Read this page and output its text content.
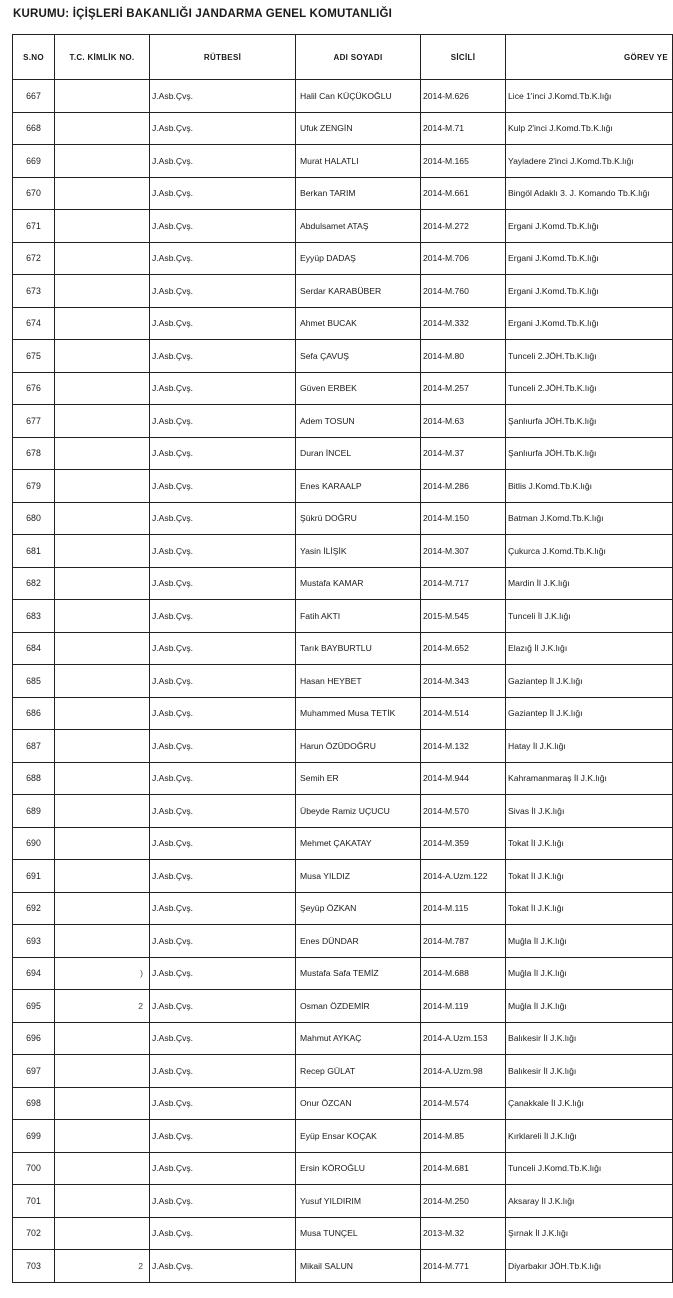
KURUMU: İÇİŞLERİ BAKANLIĞI JANDARMA GENEL KOMUTANLIĞI
S.NO	T.C. KİMLİK NO.	RÜTBESİ	ADI SOYADI	SİCİLİ	GÖREV YE
667		J.Asb.Çvş.	Halil Can KÜÇÜKOĞLU	2014-M.626	Lice 1'inci J.Komd.Tb.K.lığı
668		J.Asb.Çvş.	Ufuk ZENGİN	2014-M.71	Kulp 2'inci J.Komd.Tb.K.lığı
669		J.Asb.Çvş.	Murat HALATLI	2014-M.165	Yayladere 2'inci J.Komd.Tb.K.lığı
670		J.Asb.Çvş.	Berkan TARIM	2014-M.661	Bingöl Adaklı 3. J. Komando Tb.K.lığı
671		J.Asb.Çvş.	Abdulsamet ATAŞ	2014-M.272	Ergani J.Komd.Tb.K.lığı
672		J.Asb.Çvş.	Eyyüp DADAŞ	2014-M.706	Ergani J.Komd.Tb.K.lığı
673		J.Asb.Çvş.	Serdar KARABÜBER	2014-M.760	Ergani J.Komd.Tb.K.lığı
674		J.Asb.Çvş.	Ahmet BUCAK	2014-M.332	Ergani J.Komd.Tb.K.lığı
675		J.Asb.Çvş.	Sefa ÇAVUŞ	2014-M.80	Tunceli 2.JÖH.Tb.K.lığı
676		J.Asb.Çvş.	Güven ERBEK	2014-M.257	Tunceli 2.JÖH.Tb.K.lığı
677		J.Asb.Çvş.	Adem TOSUN	2014-M.63	Şanlıurfa JÖH.Tb.K.lığı
678		J.Asb.Çvş.	Duran İNCEL	2014-M.37	Şanlıurfa JÖH.Tb.K.lığı
679		J.Asb.Çvş.	Enes KARAALP	2014-M.286	Bitlis J.Komd.Tb.K.lığı
680		J.Asb.Çvş.	Şükrü DOĞRU	2014-M.150	Batman J.Komd.Tb.K.lığı
681		J.Asb.Çvş.	Yasin İLİŞİK	2014-M.307	Çukurca J.Komd.Tb.K.lığı
682		J.Asb.Çvş.	Mustafa KAMAR	2014-M.717	Mardin İl J.K.lığı
683		J.Asb.Çvş.	Fatih AKTI	2015-M.545	Tunceli İl J.K.lığı
684		J.Asb.Çvş.	Tarık BAYBURTLU	2014-M.652	Elazığ İl J.K.lığı
685		J.Asb.Çvş.	Hasan HEYBET	2014-M.343	Gaziantep İl J.K.lığı
686		J.Asb.Çvş.	Muhammed Musa TETİK	2014-M.514	Gaziantep İl J.K.lığı
687		J.Asb.Çvş.	Harun ÖZÜDOĞRU	2014-M.132	Hatay İl J.K.lığı
688		J.Asb.Çvş.	Semih ER	2014-M.944	Kahramanmaraş İl J.K.lığı
689		J.Asb.Çvş.	Übeyde Ramiz UÇUCU	2014-M.570	Sivas İl J.K.lığı
690		J.Asb.Çvş.	Mehmet ÇAKATAY	2014-M.359	Tokat İl J.K.lığı
691		J.Asb.Çvş.	Musa YILDIZ	2014-A.Uzm.122	Tokat İl J.K.lığı
692		J.Asb.Çvş.	Şeyüp ÖZKAN	2014-M.115	Tokat İl J.K.lığı
693		J.Asb.Çvş.	Enes DÜNDAR	2014-M.787	Muğla İl J.K.lığı
694	)	J.Asb.Çvş.	Mustafa Safa TEMİZ	2014-M.688	Muğla İl J.K.lığı
695	2	J.Asb.Çvş.	Osman ÖZDEMİR	2014-M.119	Muğla İl J.K.lığı
696		J.Asb.Çvş.	Mahmut AYKAÇ	2014-A.Uzm.153	Balıkesir İl J.K.lığı
697		J.Asb.Çvş.	Recep GÜLAT	2014-A.Uzm.98	Balıkesir İl J.K.lığı
698		J.Asb.Çvş.	Onur ÖZCAN	2014-M.574	Çanakkale İl J.K.lığı
699		J.Asb.Çvş.	Eyüp Ensar KOÇAK	2014-M.85	Kırklareli İl J.K.lığı
700		J.Asb.Çvş.	Ersin KÖROĞLU	2014-M.681	Tunceli J.Komd.Tb.K.lığı
701		J.Asb.Çvş.	Yusuf YILDIRIM	2014-M.250	Aksaray İl J.K.lığı
702		J.Asb.Çvş.	Musa TUNÇEL	2013-M.32	Şırnak İl J.K.lığı
703	2	J.Asb.Çvş.	Mikail SALUN	2014-M.771	Diyarbakır JÖH.Tb.K.lığı
